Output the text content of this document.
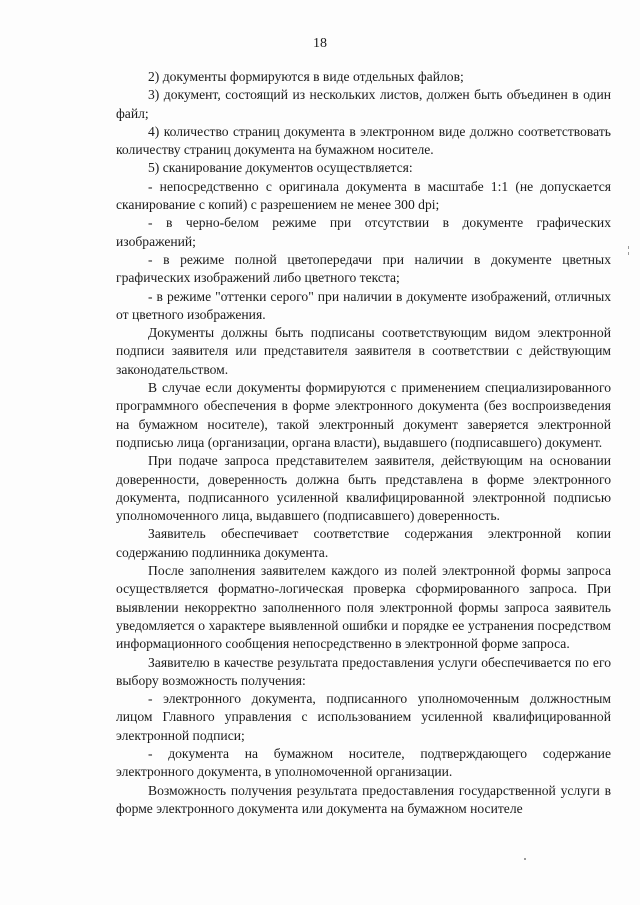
18

2) документы формируются в виде отдельных файлов;

3) документ, состоящий из нескольких листов, должен быть объединен в один файл;

4) количество страниц документа в электронном виде должно соответствовать количеству страниц документа на бумажном носителе.

5) сканирование документов осуществляется:

- непосредственно с оригинала документа в масштабе 1:1 (не допускается сканирование с копий) с разрешением не менее 300 dpi;

- в черно-белом режиме при отсутствии в документе графических изображений;

- в режиме полной цветопередачи при наличии в документе цветных графических изображений либо цветного текста;

- в режиме "оттенки серого" при наличии в документе изображений, отличных от цветного изображения.

Документы должны быть подписаны соответствующим видом электронной подписи заявителя или представителя заявителя в соответствии с действующим законодательством.

В случае если документы формируются с применением специализированного программного обеспечения в форме электронного документа (без воспроизведения на бумажном носителе), такой электронный документ заверяется электронной подписью лица (организации, органа власти), выдавшего (подписавшего) документ.

При подаче запроса представителем заявителя, действующим на основании доверенности, доверенность должна быть представлена в форме электронного документа, подписанного усиленной квалифицированной электронной подписью уполномоченного лица, выдавшего (подписавшего) доверенность.

Заявитель обеспечивает соответствие содержания электронной копии содержанию подлинника документа.

После заполнения заявителем каждого из полей электронной формы запроса осуществляется форматно-логическая проверка сформированного запроса. При выявлении некорректно заполненного поля электронной формы запроса заявитель уведомляется о характере выявленной ошибки и порядке ее устранения посредством информационного сообщения непосредственно в электронной форме запроса.

Заявителю в качестве результата предоставления услуги обеспечивается по его выбору возможность получения:

- электронного документа, подписанного уполномоченным должностным лицом Главного управления с использованием усиленной квалифицированной электронной подписи;

- документа на бумажном носителе, подтверждающего содержание электронного документа, в уполномоченной организации.

Возможность получения результата предоставления государственной услуги в форме электронного документа или документа на бумажном носителе
